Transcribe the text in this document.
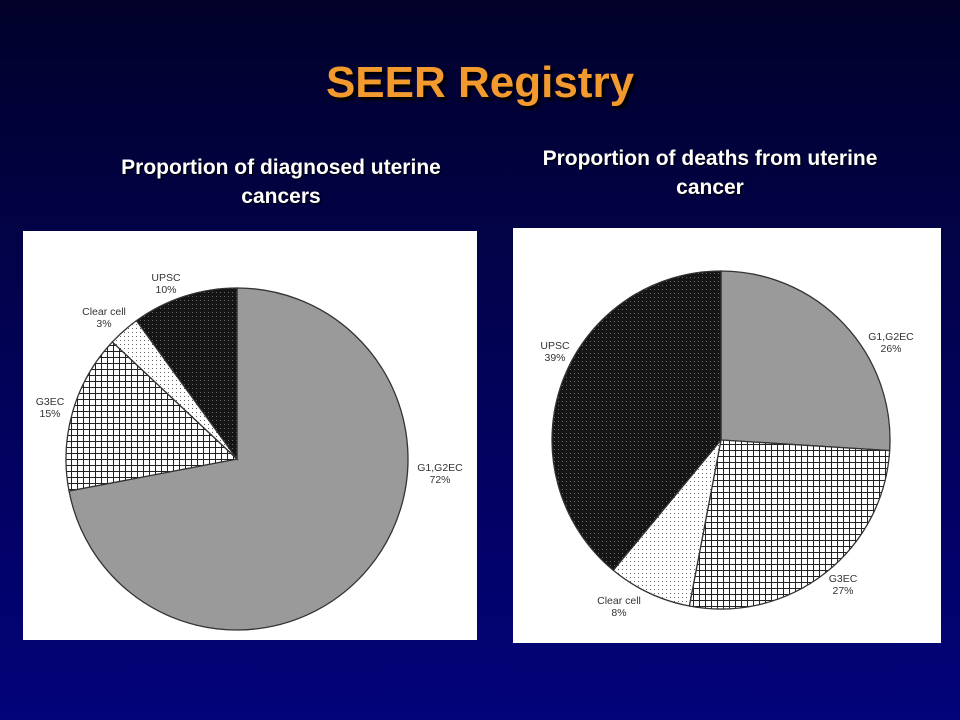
SEER Registry
Proportion of diagnosed uterine cancers
Proportion of deaths from uterine cancer
G1,G2EC
72%
G3EC
15%
Clear cell
3%
UPSC
10%
G1,G2EC
26%
G3EC
27%
Clear cell
8%
UPSC
39%
